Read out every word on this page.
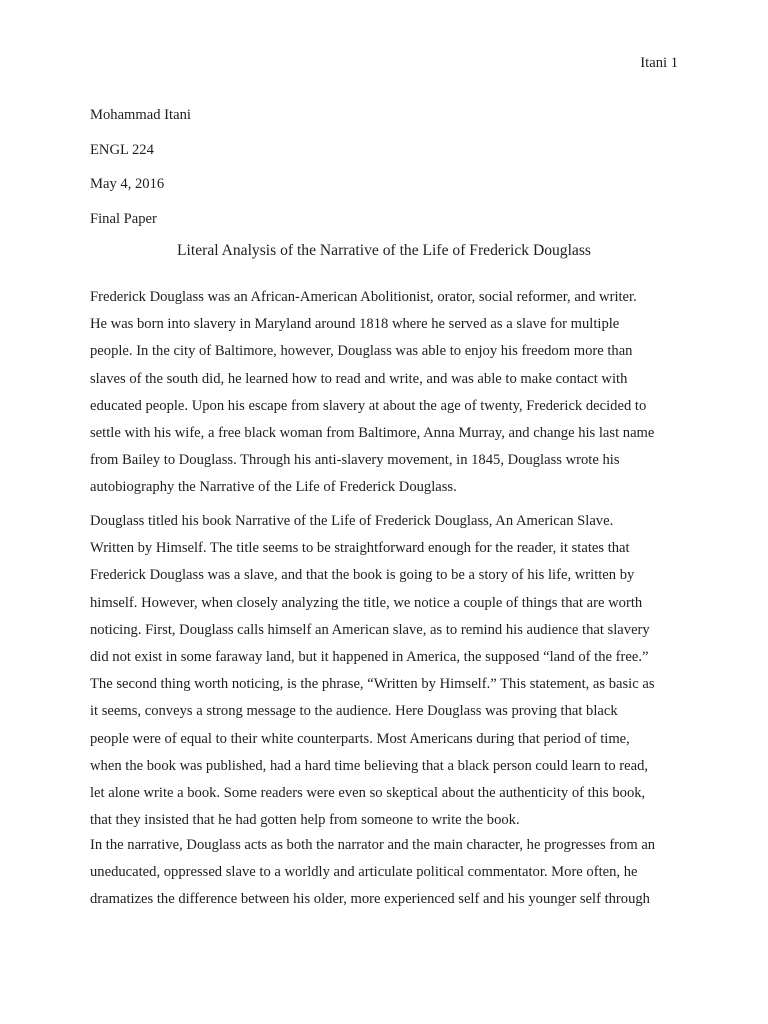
Itani 1
Mohammad Itani
ENGL 224
May 4, 2016
Final Paper
Literal Analysis of the Narrative of the Life of Frederick Douglass
Frederick Douglass was an African-American Abolitionist, orator, social reformer, and writer.
He was born into slavery in Maryland around 1818 where he served as a slave for multiple
people. In the city of Baltimore, however, Douglass was able to enjoy his freedom more than
slaves of the south did, he learned how to read and write, and was able to make contact with
educated people. Upon his escape from slavery at about the age of twenty, Frederick decided to
settle with his wife, a free black woman from Baltimore, Anna Murray, and change his last name
from Bailey to Douglass. Through his anti-slavery movement, in 1845, Douglass wrote his
autobiography the Narrative of the Life of Frederick Douglass.
Douglass titled his book Narrative of the Life of Frederick Douglass, An American Slave.
Written by Himself. The title seems to be straightforward enough for the reader, it states that
Frederick Douglass was a slave, and that the book is going to be a story of his life, written by
himself. However, when closely analyzing the title, we notice a couple of things that are worth
noticing. First, Douglass calls himself an American slave, as to remind his audience that slavery
did not exist in some faraway land, but it happened in America, the supposed “land of the free.”
The second thing worth noticing, is the phrase, “Written by Himself.” This statement, as basic as
it seems, conveys a strong message to the audience. Here Douglass was proving that black
people were of equal to their white counterparts. Most Americans during that period of time,
when the book was published, had a hard time believing that a black person could learn to read,
let alone write a book. Some readers were even so skeptical about the authenticity of this book,
that they insisted that he had gotten help from someone to write the book.
In the narrative, Douglass acts as both the narrator and the main character, he progresses from an
uneducated, oppressed slave to a worldly and articulate political commentator. More often, he
dramatizes the difference between his older, more experienced self and his younger self through
